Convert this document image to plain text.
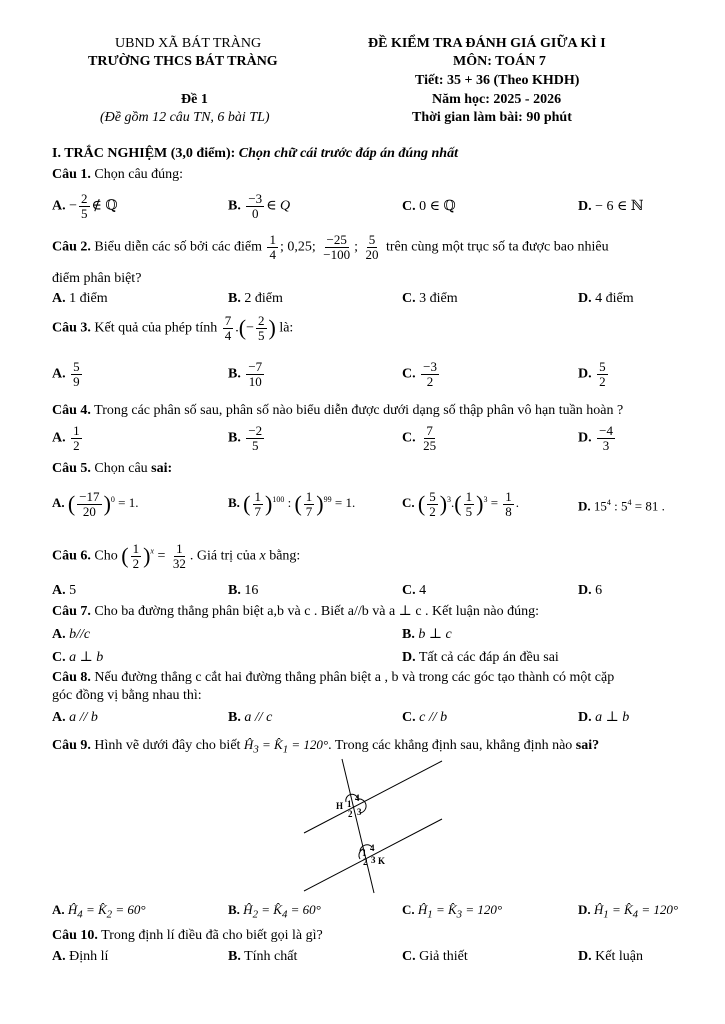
UBND XÃ BÁT TRÀNG
TRƯỜNG THCS BÁT TRÀNG
ĐỀ KIỂM TRA ĐÁNH GIÁ GIỮA KÌ I
MÔN: TOÁN 7
Tiết: 35 + 36 (Theo KHDH)
Đề 1	Năm học: 2025 - 2026
(Đề gồm 12 câu TN, 6 bài TL)	Thời gian làm bài: 90 phút
I. TRẮC NGHIỆM (3,0 điểm): Chọn chữ cái trước đáp án đúng nhất
Câu 1. Chọn câu đúng:
A. − $\frac{2}{5}$ ∉ ℚ	B. $\frac{-3}{0}$ ∈ Q	C. 0 ∈ ℚ	D. − 6 ∈ ℕ
Câu 2. Biểu diễn các số bởi các điểm $\frac{1}{4}$ ; 0,25; $\frac{-25}{-100}$ ; $\frac{5}{20}$ trên cùng một trục số ta được bao nhiêu
điểm phân biệt?
A. 1 điểm	B. 2 điểm	C. 3 điểm	D. 4 điểm
Câu 3. Kết quả của phép tính $\frac{7}{4}$ .(− $\frac{2}{5}$ ) là:
A. $\frac{5}{9}$	B. $\frac{-7}{10}$	C. $\frac{-3}{2}$	D. $\frac{5}{2}$
Câu 4. Trong các phân số sau, phân số nào biểu diễn được dưới dạng số thập phân vô hạn tuần hoàn ?
A. $\frac{1}{2}$	B. $\frac{-2}{5}$	C. $\frac{7}{25}$	D. $\frac{-4}{3}$
Câu 5. Chọn câu sai:
A. ( $\frac{-17}{20} )^0 = 1$.	B. ( $\frac{1}{7} )^{100}$ : ( $\frac{1}{7} )^{99} = 1$.	C. ( $\frac{5}{2} )^3.( \frac{1}{5} )^3 = \frac{1}{8}$ .	D. $15^4$ : $5^4 = 81$ .
Câu 6. Cho ( $\frac{1}{2} )^x = \frac{1}{32}$ . Giá trị của x bằng:
A. 5	B. 16	C. 4	D. 6
Câu 7. Cho ba đường thẳng phân biệt a,b và c . Biết a//b và a ⊥ c . Kết luận nào đúng:
A. b//c	B. b ⊥ c
C. a ⊥ b	D. Tất cả các đáp án đều sai
Câu 8. Nếu đường thẳng c cắt hai đường thẳng phân biệt a , b và trong các góc tạo thành có một cặp
góc đồng vị bằng nhau thì:
A. a // b	B. a // c	C. c // b	D. a ⊥ b
Câu 9. Hình vẽ dưới đây cho biết $Ĥ_3$ = $K̂_1 = 120^\circ$. Trong các khẳng định sau, khẳng định nào sai?
H 1
4
2 3
1 4
2 3 K
A. $Ĥ_4$ = $K̂_2 = 60^\circ$	B. $Ĥ_2$ = $K̂_4 = 60^\circ$	C. $Ĥ_1$ = $K̂_3 = 120^\circ$	D. $Ĥ_1$ = $K̂_4 = 120^\circ$
Câu 10. Trong định lí điều đã cho biết gọi là gì?
A. Định lí	B. Tính chất	C. Giả thiết	D. Kết luận
